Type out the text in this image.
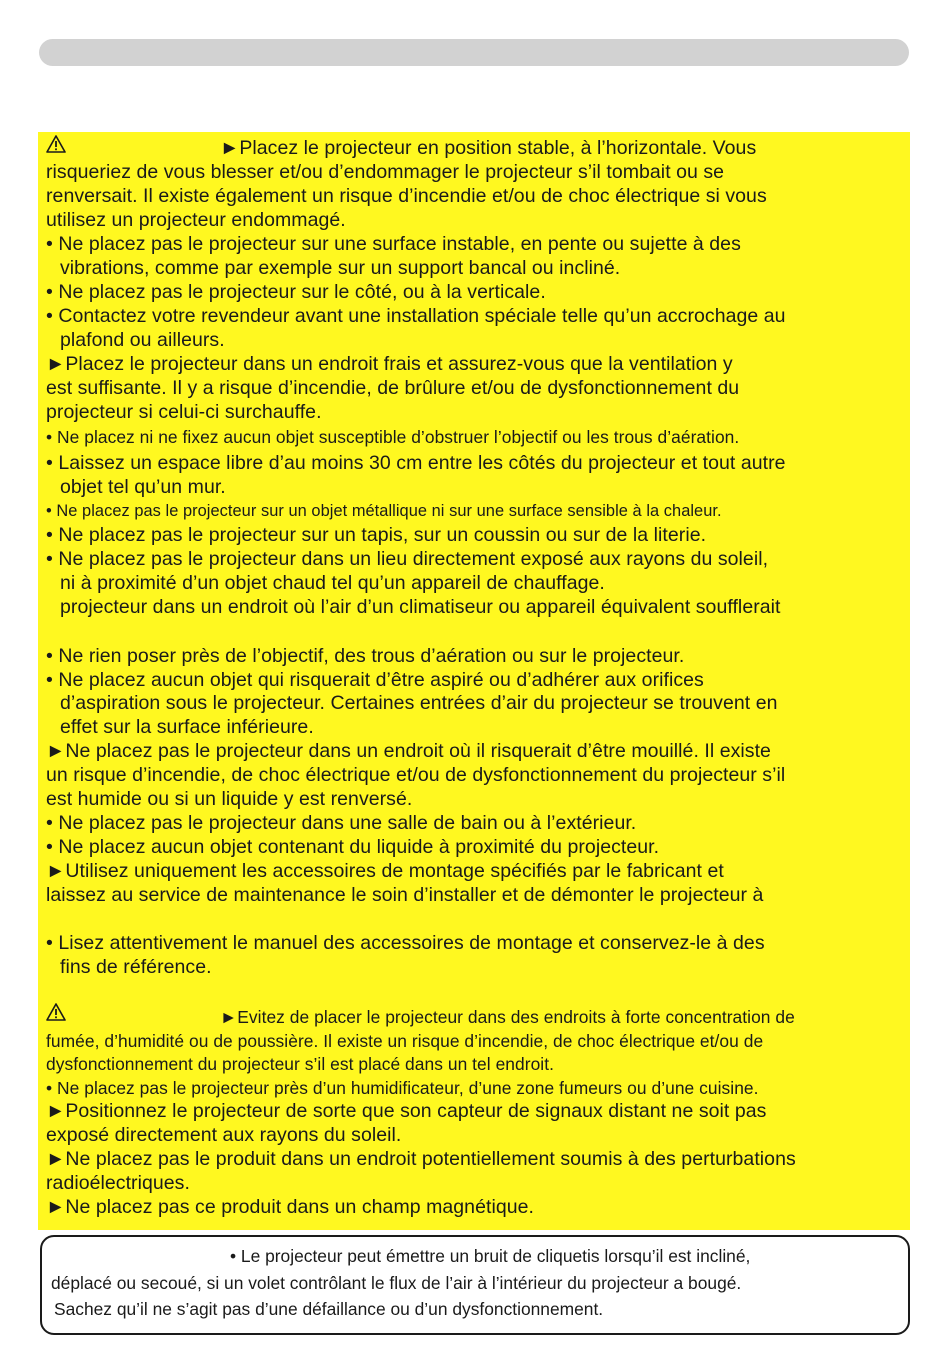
►Placez le projecteur en position stable, à l’horizontale. Vous
risqueriez de vous blesser et/ou d’endommager le projecteur s’il tombait ou se
renversait. Il existe également un risque d’incendie et/ou de choc électrique si vous
utilisez un projecteur endommagé.
• Ne placez pas le projecteur sur une surface instable, en pente ou sujette à des
vibrations, comme par exemple sur un support bancal ou incliné.
• Ne placez pas le projecteur sur le côté, ou à la verticale.
• Contactez votre revendeur avant une installation spéciale telle qu’un accrochage au
plafond ou ailleurs.
►Placez le projecteur dans un endroit frais et assurez-vous que la ventilation y
est suffisante. Il y a risque d’incendie, de brûlure et/ou de dysfonctionnement du
projecteur si celui-ci surchauffe.
• Ne placez ni ne fixez aucun objet susceptible d’obstruer l’objectif ou les trous d’aération.
• Laissez un espace libre d’au moins 30 cm entre les côtés du projecteur et tout autre
objet tel qu’un mur.
• Ne placez pas le projecteur sur un objet métallique ni sur une surface sensible à la chaleur.
• Ne placez pas le projecteur sur un tapis, sur un coussin ou sur de la literie.
• Ne placez pas le projecteur dans un lieu directement exposé aux rayons du soleil,
ni à proximité d’un objet chaud tel qu’un appareil de chauffage.
projecteur dans un endroit où l’air d’un climatiseur ou appareil équivalent soufflerait
• Ne rien poser près de l’objectif, des trous d’aération ou sur le projecteur.
• Ne placez aucun objet qui risquerait d’être aspiré ou d’adhérer aux orifices
d’aspiration sous le projecteur. Certaines entrées d’air du projecteur se trouvent en
effet sur la surface inférieure.
►Ne placez pas le projecteur dans un endroit où il risquerait d’être mouillé. Il existe
un risque d’incendie, de choc électrique et/ou de dysfonctionnement du projecteur s’il
est humide ou si un liquide y est renversé.
• Ne placez pas le projecteur dans une salle de bain ou à l’extérieur.
• Ne placez aucun objet contenant du liquide à proximité du projecteur.
►Utilisez uniquement les accessoires de montage spécifiés par le fabricant et
laissez au service de maintenance le soin d’installer et de démonter le projecteur à
• Lisez attentivement le manuel des accessoires de montage et conservez-le à des
fins de référence.
►Evitez de placer le projecteur dans des endroits à forte concentration de
fumée, d’humidité ou de poussière. Il existe un risque d’incendie, de choc électrique et/ou de
dysfonctionnement du projecteur s’il est placé dans un tel endroit.
• Ne placez pas le projecteur près d’un humidificateur, d’une zone fumeurs ou d’une cuisine.
►Positionnez le projecteur de sorte que son capteur de signaux distant ne soit pas
exposé directement aux rayons du soleil.
►Ne placez pas le produit dans un endroit potentiellement soumis à des perturbations
radioélectriques.
►Ne placez pas ce produit dans un champ magnétique.
• Le projecteur peut émettre un bruit de cliquetis lorsqu’il est incliné,
déplacé ou secoué, si un volet contrôlant le flux de l’air à l’intérieur du projecteur a bougé.
Sachez qu’il ne s’agit pas d’une défaillance ou d’un dysfonctionnement.
